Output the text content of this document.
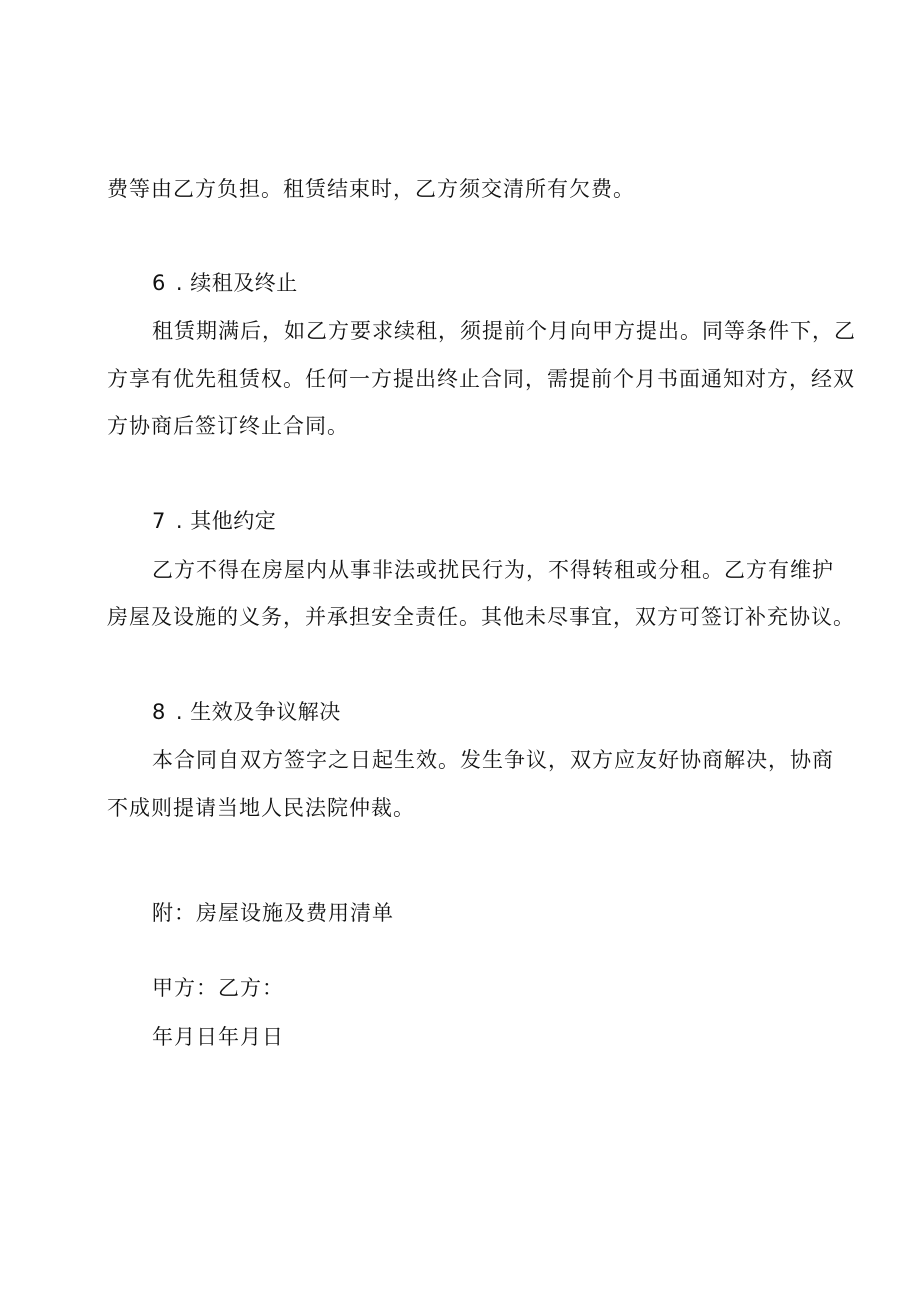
费等由乙方负担。租赁结束时，乙方须交清所有欠费。
6 . 续租及终止
租赁期满后，如乙方要求续租，须提前个月向甲方提出。同等条件下，乙
方享有优先租赁权。任何一方提出终止合同，需提前个月书面通知对方，经双
方协商后签订终止合同。
7 . 其他约定
乙方不得在房屋内从事非法或扰民行为，不得转租或分租。乙方有维护
房屋及设施的义务，并承担安全责任。其他未尽事宜，双方可签订补充协议。
8 . 生效及争议解决
本合同自双方签字之日起生效。发生争议，双方应友好协商解决，协商
不成则提请当地人民法院仲裁。
附：房屋设施及费用清单
甲方：乙方：
年月日年月日
